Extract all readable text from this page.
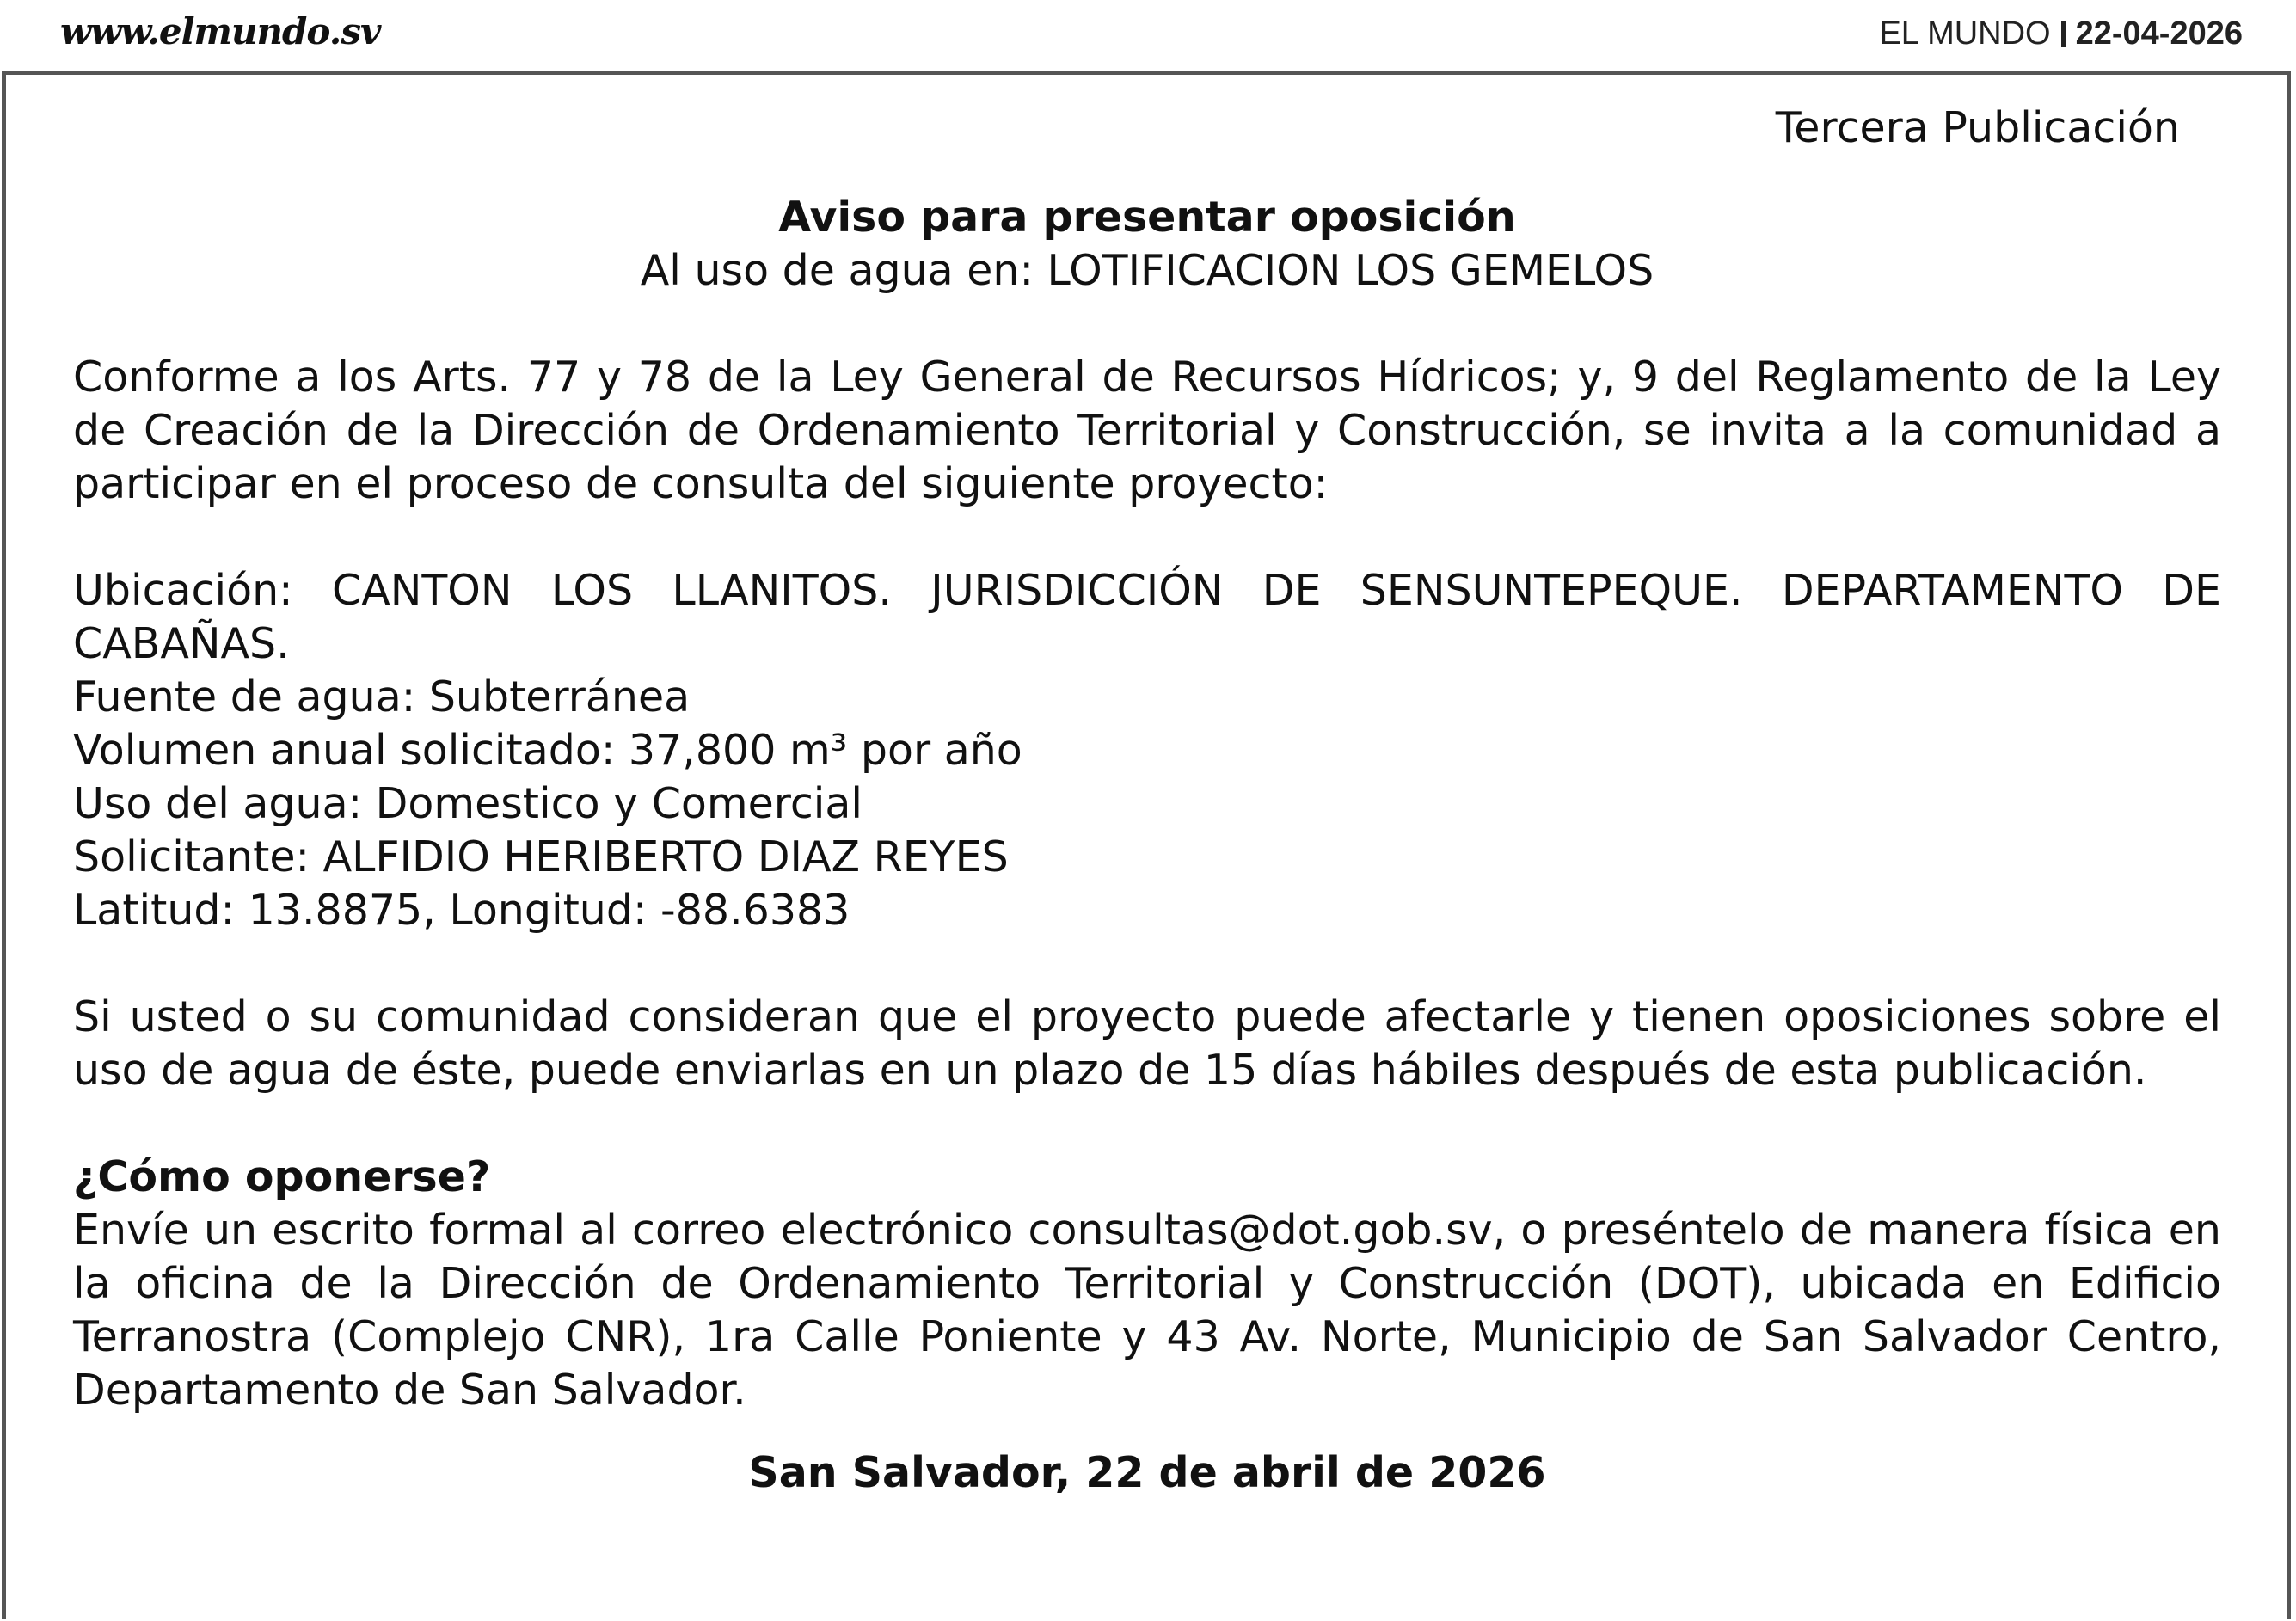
www.elmundo.sv	EL MUNDO 22-04-2026
Tercera Publicación
Aviso para presentar oposición
Al uso de agua en: LOTIFICACION LOS GEMELOS
Conforme a los Arts. 77 y 78 de la Ley General de Recursos Hídricos; y, 9 del Reglamento de la Ley de Creación de la Dirección de Ordenamiento Territorial y Construcción, se invita a la comunidad a participar en el proceso de consulta del siguiente proyecto:
Ubicación: CANTON LOS LLANITOS. JURISDICCIÓN DE SENSUNTEPEQUE. DEPARTAMENTO DE CABAÑAS.
Fuente de agua: Subterránea
Volumen anual solicitado: 37,800 m³ por año
Uso del agua: Domestico y Comercial
Solicitante: ALFIDIO HERIBERTO DIAZ REYES
Latitud: 13.8875, Longitud: -88.6383
Si usted o su comunidad consideran que el proyecto puede afectarle y tienen oposiciones sobre el uso de agua de éste, puede enviarlas en un plazo de 15 días hábiles después de esta publicación.
¿Cómo oponerse?
Envíe un escrito formal al correo electrónico consultas@dot.gob.sv, o preséntelo de manera física en la oficina de la Dirección de Ordenamiento Territorial y Construcción (DOT), ubicada en Edificio Terranostra (Complejo CNR), 1ra Calle Poniente y 43 Av. Norte, Municipio de San Salvador Centro, Departamento de San Salvador.
San Salvador, 22 de abril de 2026
